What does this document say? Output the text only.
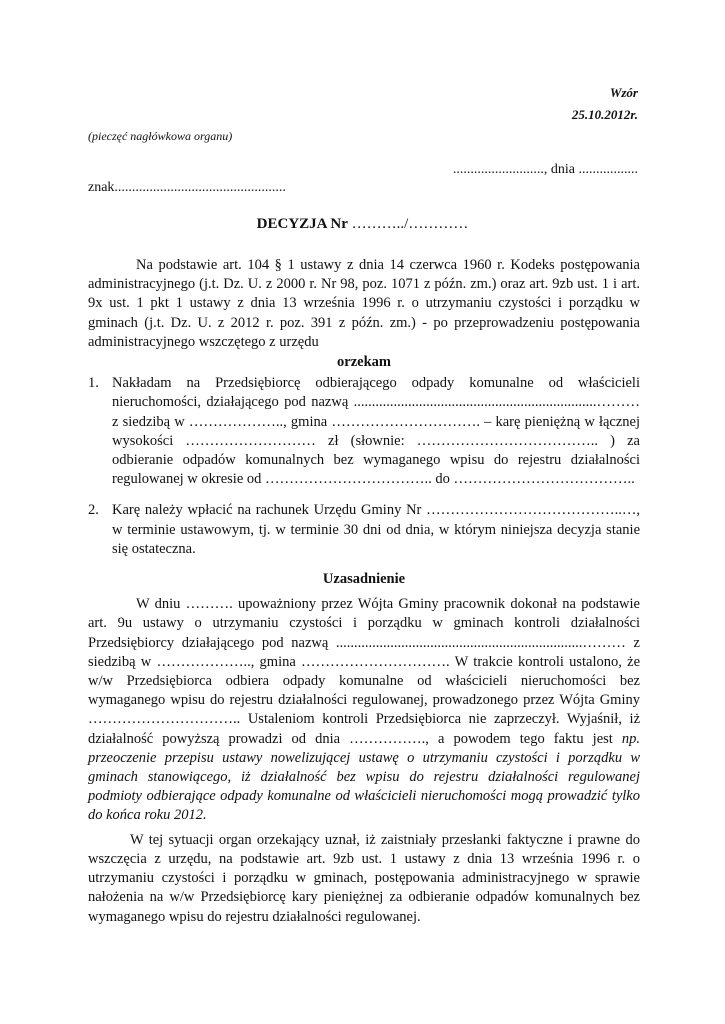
Wzór
25.10.2012r.
(pieczęć nagłówkowa organu)
.........................., dnia .................
znak.................................................
DECYZJA Nr ………../…………

Na podstawie art. 104 § 1 ustawy z dnia 14 czerwca 1960 r. Kodeks postępowania administracyjnego (j.t. Dz. U. z 2000 r. Nr 98, poz. 1071 z późn. zm.) oraz art. 9zb ust. 1 i art. 9x ust. 1 pkt 1 ustawy z dnia 13 września 1996 r. o utrzymaniu czystości i porządku w gminach (j.t. Dz. U. z 2012 r. poz. 391 z późn. zm.) - po przeprowadzeniu postępowania administracyjnego wszczętego z urzędu

orzekam
1. Nakładam na Przedsiębiorcę odbierającego odpady komunalne od właścicieli nieruchomości, działającego pod nazwą ...................................................................……… z siedzibą w ……………….., gmina …………………………. – karę pieniężną w łącznej wysokości ……………………… zł (słownie: ……………………………….. ) za odbieranie odpadów komunalnych bez wymaganego wpisu do rejestru działalności regulowanej w okresie od …………………………….. do ………………………………..
2. Karę należy wpłacić na rachunek Urzędu Gminy Nr …………………………………..…, w terminie ustawowym, tj. w terminie 30 dni od dnia, w którym niniejsza decyzja stanie się ostateczna.
Uzasadnienie

W dniu ………. upoważniony przez Wójta Gminy pracownik dokonał na podstawie art. 9u ustawy o utrzymaniu czystości i porządku w gminach kontroli działalności Przedsiębiorcy działającego pod nazwą ....................................................................……… z siedzibą w ……………….., gmina …………………………. W trakcie kontroli ustalono, że w/w Przedsiębiorca odbiera odpady komunalne od właścicieli nieruchomości bez wymaganego wpisu do rejestru działalności regulowanej, prowadzonego przez Wójta Gminy ………………………….. Ustaleniom kontroli Przedsiębiorca nie zaprzeczył. Wyjaśnił, iż działalność powyższą prowadzi od dnia ……………., a powodem tego faktu jest np. przeoczenie przepisu ustawy nowelizującej ustawę o utrzymaniu czystości i porządku w gminach stanowiącego, iż działalność bez wpisu do rejestru działalności regulowanej podmioty odbierające odpady komunalne od właścicieli nieruchomości mogą prowadzić tylko do końca roku 2012.

W tej sytuacji organ orzekający uznał, iż zaistniały przesłanki faktyczne i prawne do wszczęcia z urzędu, na podstawie art. 9zb ust. 1 ustawy z dnia 13 września 1996 r. o utrzymaniu czystości i porządku w gminach, postępowania administracyjnego w sprawie nałożenia na w/w Przedsiębiorcę kary pieniężnej za odbieranie odpadów komunalnych bez wymaganego wpisu do rejestru działalności regulowanej.
